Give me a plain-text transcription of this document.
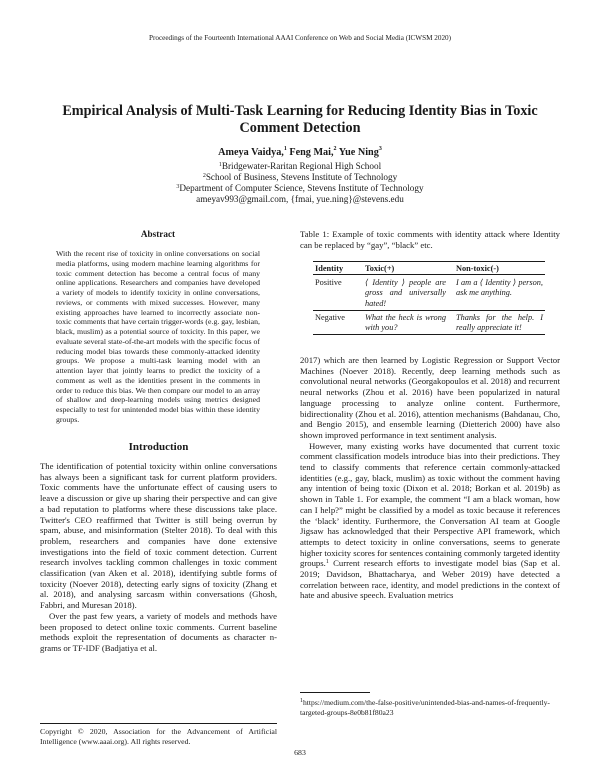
Proceedings of the Fourteenth International AAAI Conference on Web and Social Media (ICWSM 2020)
Empirical Analysis of Multi-Task Learning for Reducing Identity Bias in Toxic Comment Detection
Ameya Vaidya,$^1$ Feng Mai,$^2$ Yue Ning$^3$
$^1$Bridgewater-Raritan Regional High School
$^2$School of Business, Stevens Institute of Technology
$^3$Department of Computer Science, Stevens Institute of Technology
ameyav993@gmail.com, {fmai, yue.ning}@stevens.edu
Abstract
With the recent rise of toxicity in online conversations on social media platforms, using modern machine learning algorithms for toxic comment detection has become a central focus of many online applications. Researchers and companies have developed a variety of models to identify toxicity in online conversations, reviews, or comments with mixed successes. However, many existing approaches have learned to incorrectly associate non-toxic comments that have certain trigger-words (e.g. gay, lesbian, black, muslim) as a potential source of toxicity. In this paper, we evaluate several state-of-the-art models with the specific focus of reducing model bias towards these commonly-attacked identity groups. We propose a multi-task learning model with an attention layer that jointly learns to predict the toxicity of a comment as well as the identities present in the comments in order to reduce this bias. We then compare our model to an array of shallow and deep-learning models using metrics designed especially to test for unintended model bias within these identity groups.
Introduction

The identification of potential toxicity within online conversations has always been a significant task for current platform providers. Toxic comments have the unfortunate effect of causing users to leave a discussion or give up sharing their perspective and can give a bad reputation to platforms where these discussions take place. Twitter's CEO reaffirmed that Twitter is still being overrun by spam, abuse, and misinformation (Stelter 2018). To deal with this problem, researchers and companies have done extensive investigations into the field of toxic comment detection. Current research involves tackling common challenges in toxic comment classification (van Aken et al. 2018), identifying subtle forms of toxicity (Noever 2018), detecting early signs of toxicity (Zhang et al. 2018), and analysing sarcasm within conversations (Ghosh, Fabbri, and Muresan 2018).

Over the past few years, a variety of models and methods have been proposed to detect online toxic comments. Current baseline methods exploit the representation of documents as character n-grams or TF-IDF (Badjatiya et al.

Copyright © 2020, Association for the Advancement of Artificial Intelligence (www.aaai.org). All rights reserved.
Table 1: Example of toxic comments with identity attack where Identity can be replaced by “gay”, “black” etc.
Identity	Toxic(+)	Non-toxic(-)
Positive	⟨ Identity ⟩ people are gross and universally hated!	I am a ⟨ Identity ⟩ person, ask me anything.
Negative	What the heck is wrong with you?	Thanks for the help. I really appreciate it!

2017) which are then learned by Logistic Regression or Support Vector Machines (Noever 2018). Recently, deep learning methods such as convolutional neural networks (Georgakopoulos et al. 2018) and recurrent neural networks (Zhou et al. 2016) have been popularized in natural language processing to analyze online content. Furthermore, bidirectionality (Zhou et al. 2016), attention mechanisms (Bahdanau, Cho, and Bengio 2015), and ensemble learning (Dietterich 2000) have also shown improved performance in text sentiment analysis.

However, many existing works have documented that current toxic comment classification models introduce bias into their predictions. They tend to classify comments that reference certain commonly-attacked identities (e.g., gay, black, muslim) as toxic without the comment having any intention of being toxic (Dixon et al. 2018; Borkan et al. 2019b) as shown in Table 1. For example, the comment “I am a black woman, how can I help?” might be classified by a model as toxic because it references the ‘black’ identity. Furthermore, the Conversation AI team at Google Jigsaw has acknowledged that their Perspective API framework, which attempts to detect toxicity in online conversations, seems to generate higher toxicity scores for sentences containing commonly targeted identity groups.$^1$ Current research efforts to investigate model bias (Sap et al. 2019; Davidson, Bhattacharya, and Weber 2019) have detected a correlation between race, identity, and model predictions in the context of hate and abusive speech. Evaluation metrics

$^1$https://medium.com/the-false-positive/unintended-bias-and-names-of-frequently-targeted-groups-8e0b81f80a23
683
